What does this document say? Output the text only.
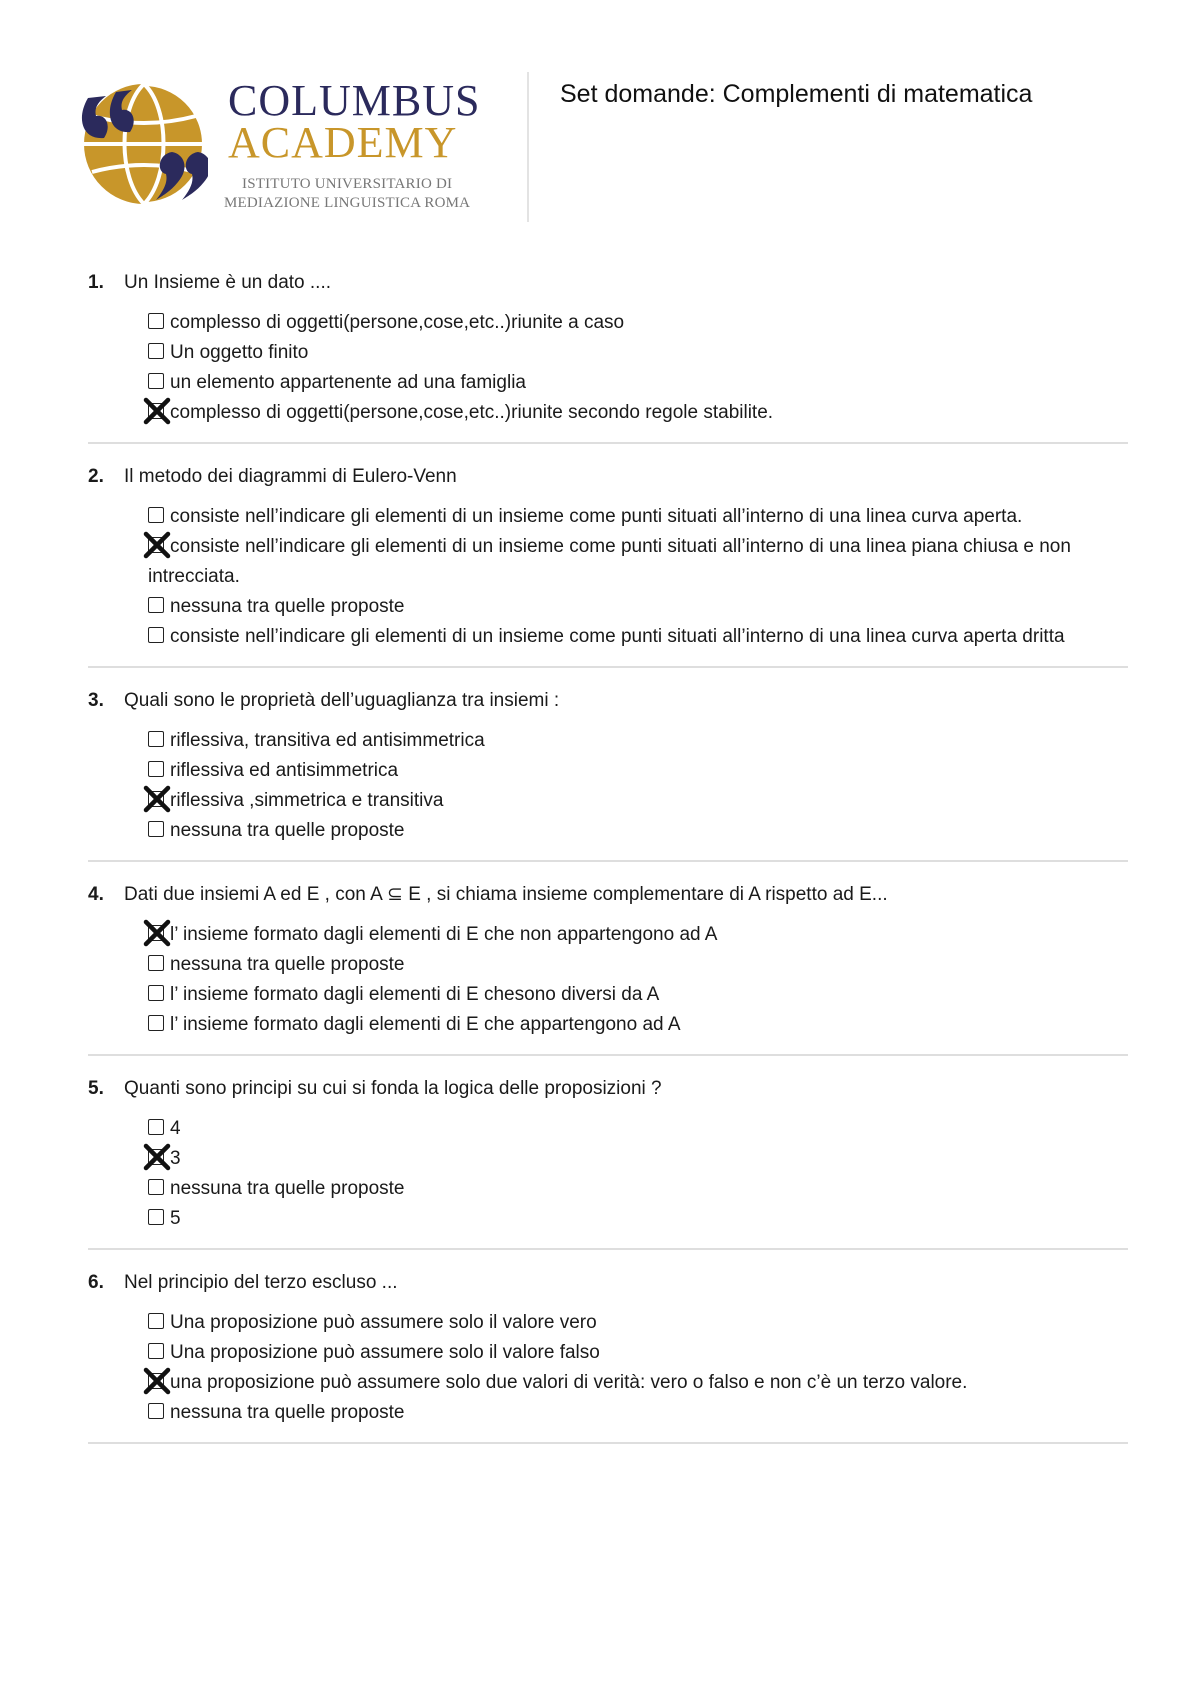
COLUMBUS
ACADEMY
ISTITUTO UNIVERSITARIO DI
MEDIAZIONE LINGUISTICA ROMA
Set domande: Complementi di matematica
1.	Un Insieme è un dato ....
complesso di oggetti(persone,cose,etc..)riunite a caso
Un oggetto finito
un elemento appartenente ad una famiglia
complesso di oggetti(persone,cose,etc..)riunite secondo regole stabilite.
2.	Il metodo dei diagrammi di Eulero-Venn
consiste nell’indicare gli elementi di un insieme come punti situati all’interno di una linea curva aperta.
consiste nell’indicare gli elementi di un insieme come punti situati all’interno di una linea piana chiusa e non intrecciata.
nessuna tra quelle proposte
consiste nell’indicare gli elementi di un insieme come punti situati all’interno di una linea curva aperta dritta
3.	Quali sono le proprietà dell’uguaglianza tra insiemi :
riflessiva, transitiva ed antisimmetrica
riflessiva ed antisimmetrica
riflessiva ,simmetrica e transitiva
nessuna tra quelle proposte
4.	Dati due insiemi A ed E , con A ⊆ E , si chiama insieme complementare di A rispetto ad E...
l’ insieme formato dagli elementi di E che non appartengono ad A
nessuna tra quelle proposte
l’ insieme formato dagli elementi di E chesono diversi da A
l’ insieme formato dagli elementi di E che appartengono ad A
5.	Quanti sono principi su cui si fonda la logica delle proposizioni ?
4
3
nessuna tra quelle proposte
5
6.	Nel principio del terzo escluso ...
Una proposizione può assumere solo il valore vero
Una proposizione può assumere solo il valore falso
una proposizione può assumere solo due valori di verità: vero o falso e non c’è un terzo valore.
nessuna tra quelle proposte
